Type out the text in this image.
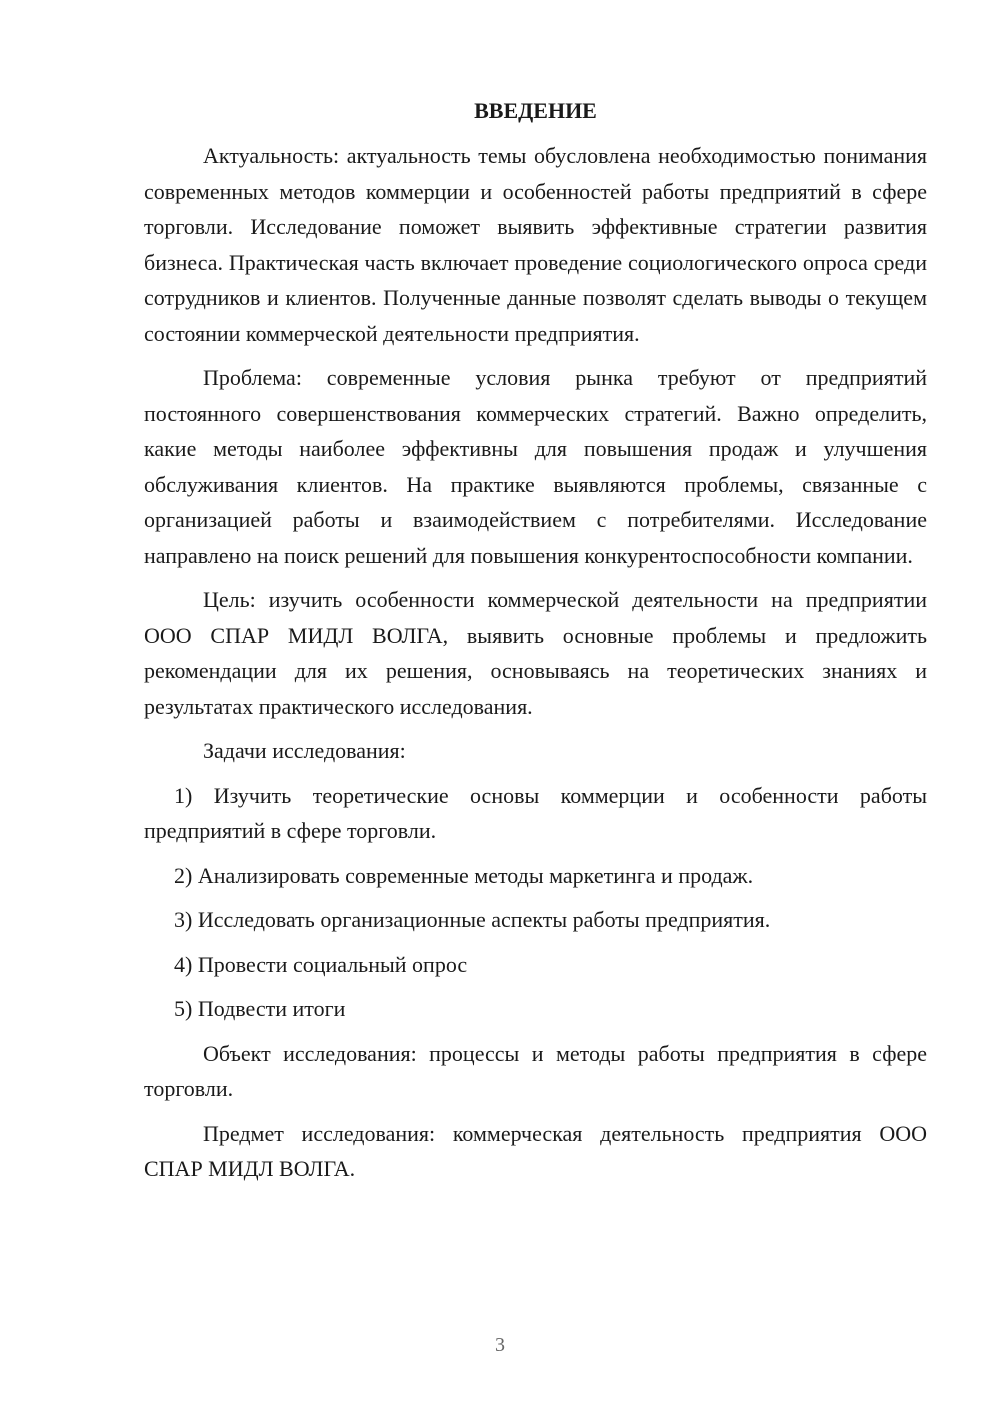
ВВЕДЕНИЕ

Актуальность: актуальность темы обусловлена необходимостью понимания современных методов коммерции и особенностей работы предприятий в сфере торговли. Исследование поможет выявить эффективные стратегии развития бизнеса. Практическая часть включает проведение социологического опроса среди сотрудников и клиентов. Полученные данные позволят сделать выводы о текущем состоянии коммерческой деятельности предприятия.

Проблема: современные условия рынка требуют от предприятий постоянного совершенствования коммерческих стратегий. Важно определить, какие методы наиболее эффективны для повышения продаж и улучшения обслуживания клиентов. На практике выявляются проблемы, связанные с организацией работы и взаимодействием с потребителями. Исследование направлено на поиск решений для повышения конкурентоспособности компании.

Цель: изучить особенности коммерческой деятельности на предприятии ООО СПАР МИДЛ ВОЛГА, выявить основные проблемы и предложить рекомендации для их решения, основываясь на теоретических знаниях и результатах практического исследования.

Задачи исследования:

1) Изучить теоретические основы коммерции и особенности работы предприятий в сфере торговли.

2) Анализировать современные методы маркетинга и продаж.

3) Исследовать организационные аспекты работы предприятия.

4) Провести социальный опрос

5) Подвести итоги

Объект исследования: процессы и методы работы предприятия в сфере торговли.

Предмет исследования: коммерческая деятельность предприятия ООО СПАР МИДЛ ВОЛГА.

3
